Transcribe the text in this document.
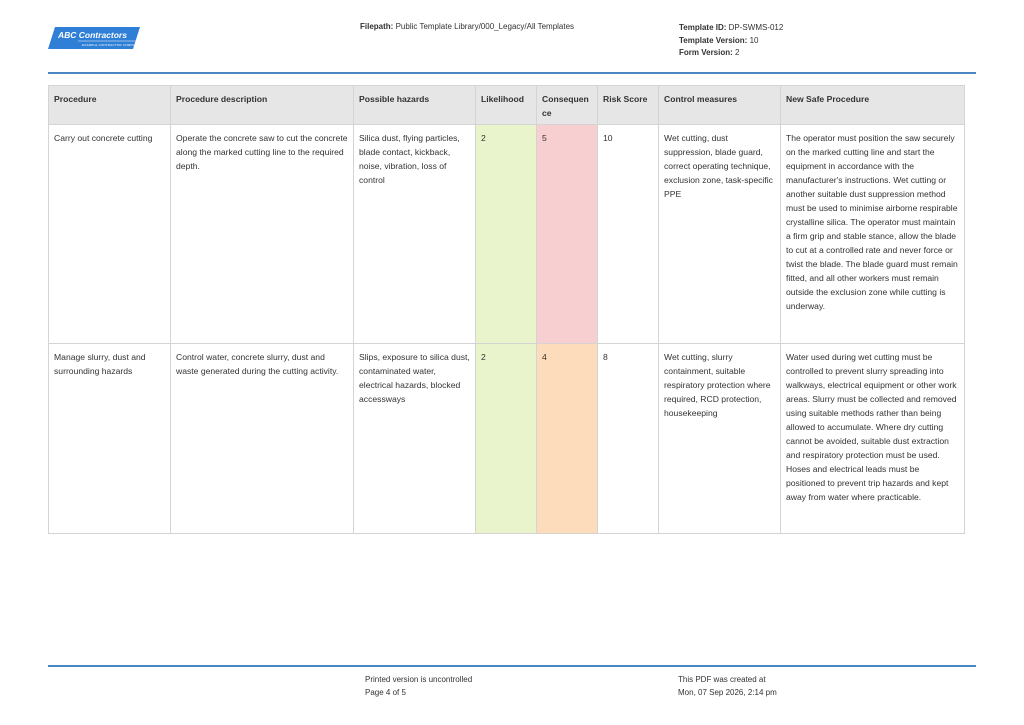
ABC Contractors
EXAMPLE CONTRACTOR COMPANY
Filepath: Public Template Library/000_Legacy/All Templates	Template ID: DP-SWMS-012
Template Version: 10
Form Version: 2
Procedure	Procedure description	Possible hazards	Likelihood	Consequence	Risk Score	Control measures	New Safe Procedure
Carry out concrete cutting	Operate the concrete saw to cut the concrete along the marked cutting line to the required depth.	Silica dust, flying particles, blade contact, kickback, noise, vibration, loss of control	2	5	10	Wet cutting, dust suppression, blade guard, correct operating technique, exclusion zone, task-specific PPE	The operator must position the saw securely on the marked cutting line and start the equipment in accordance with the manufacturer's instructions. Wet cutting or another suitable dust suppression method must be used to minimise airborne respirable crystalline silica. The operator must maintain a firm grip and stable stance, allow the blade to cut at a controlled rate and never force or twist the blade. The blade guard must remain fitted, and all other workers must remain outside the exclusion zone while cutting is underway.
Manage slurry, dust and surrounding hazards	Control water, concrete slurry, dust and waste generated during the cutting activity.	Slips, exposure to silica dust, contaminated water, electrical hazards, blocked accessways	2	4	8	Wet cutting, slurry containment, suitable respiratory protection where required, RCD protection, housekeeping	Water used during wet cutting must be controlled to prevent slurry spreading into walkways, electrical equipment or other work areas. Slurry must be collected and removed using suitable methods rather than being allowed to accumulate. Where dry cutting cannot be avoided, suitable dust extraction and respiratory protection must be used. Hoses and electrical leads must be positioned to prevent trip hazards and kept away from water where practicable.
Printed version is uncontrolled
Page 4 of 5
This PDF was created at
Mon, 07 Sep 2026, 2:14 pm
